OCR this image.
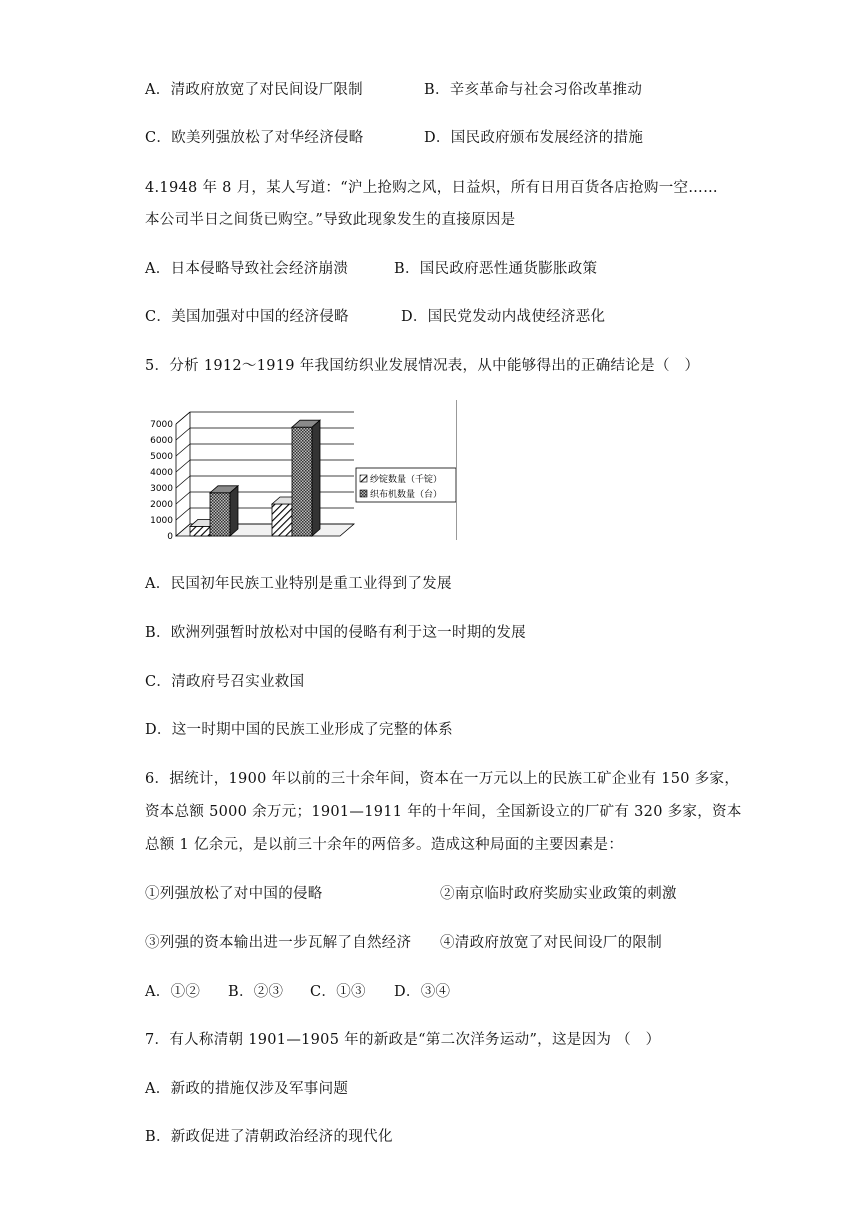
A．清政府放宽了对民间设厂限制	B．辛亥革命与社会习俗改革推动
C．欧美列强放松了对华经济侵略	D．国民政府颁布发展经济的措施
4.1948 年 8 月，某人写道：“沪上抢购之风，日益炽，所有日用百货各店抢购一空……
本公司半日之间货已购空。”导致此现象发生的直接原因是
A．日本侵略导致社会经济崩溃	B．国民政府恶性通货膨胀政策
C．美国加强对中国的经济侵略	D．国民党发动内战使经济恶化
5．分析 1912～1919 年我国纺织业发展情况表，从中能够得出的正确结论是（　）
0
1000
2000
3000
4000
5000
6000
7000
纱锭数量（千锭）
织布机数量（台）
A．民国初年民族工业特别是重工业得到了发展
B．欧洲列强暂时放松对中国的侵略有利于这一时期的发展
C．清政府号召实业救国
D．这一时期中国的民族工业形成了完整的体系
6．据统计，1900 年以前的三十余年间，资本在一万元以上的民族工矿企业有 150 多家，
资本总额 5000 余万元；1901—1911 年的十年间，全国新设立的厂矿有 320 多家，资本
总额 1 亿余元，是以前三十余年的两倍多。造成这种局面的主要因素是：
①列强放松了对中国的侵略	②南京临时政府奖励实业政策的刺激
③列强的资本输出进一步瓦解了自然经济 ④清政府放宽了对民间设厂的限制
A．①② B．②③ C．①③ D．③④
7．有人称清朝 1901—1905 年的新政是“第二次洋务运动”，这是因为 （　）
A．新政的措施仅涉及军事问题
B．新政促进了清朝政治经济的现代化
